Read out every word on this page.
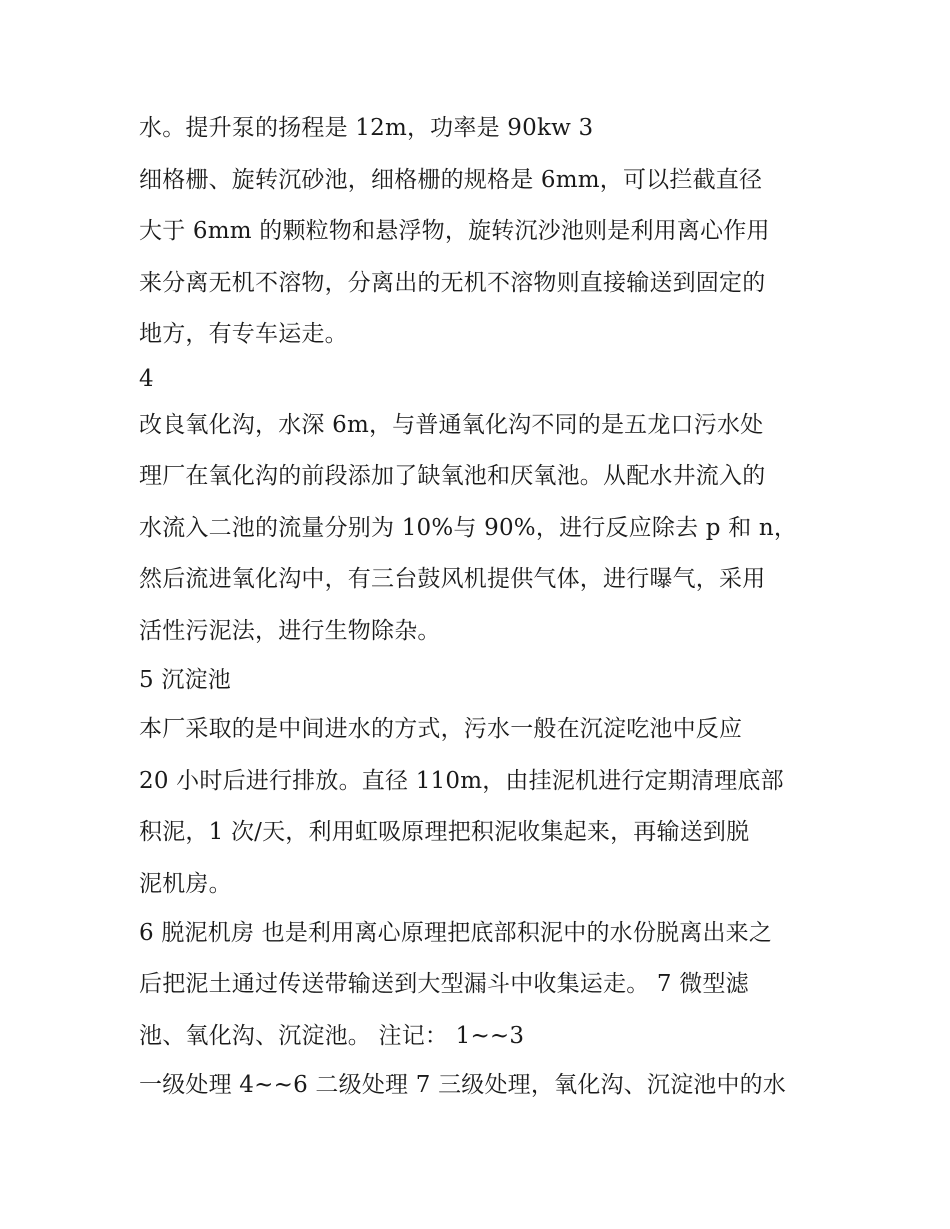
水。提升泵的扬程是 12m，功率是 90kw 3
细格栅、旋转沉砂池，细格栅的规格是 6mm，可以拦截直径
大于 6mm 的颗粒物和悬浮物，旋转沉沙池则是利用离心作用
来分离无机不溶物，分离出的无机不溶物则直接输送到固定的
地方，有专车运走。
4
改良氧化沟，水深 6m，与普通氧化沟不同的是五龙口污水处
理厂在氧化沟的前段添加了缺氧池和厌氧池。从配水井流入的
水流入二池的流量分别为 10%与 90%，进行反应除去 p 和 n，
然后流进氧化沟中，有三台鼓风机提供气体，进行曝气，采用
活性污泥法，进行生物除杂。
5 沉淀池
本厂采取的是中间进水的方式，污水一般在沉淀吃池中反应
20 小时后进行排放。直径 110m，由挂泥机进行定期清理底部
积泥，1 次/天，利用虹吸原理把积泥收集起来，再输送到脱
泥机房。
6 脱泥机房 也是利用离心原理把底部积泥中的水份脱离出来之
后把泥土通过传送带输送到大型漏斗中收集运走。 7 微型滤
池、氧化沟、沉淀池。 注记： 1~~3
一级处理 4~~6 二级处理 7 三级处理，氧化沟、沉淀池中的水
